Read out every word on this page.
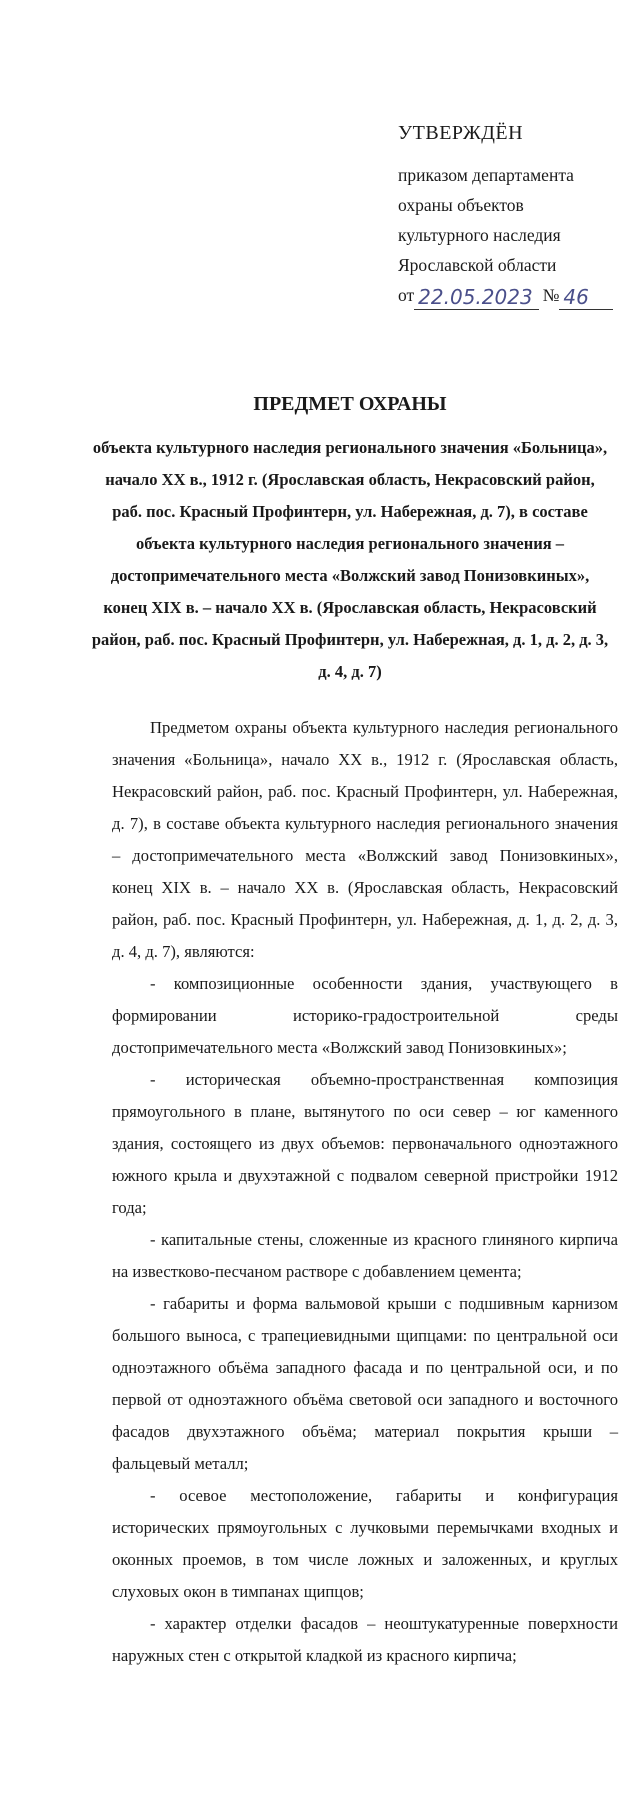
УТВЕРЖДЁН
приказом департамента
охраны объектов
культурного наследия
Ярославской области
от 22.05.2023 № 46
ПРЕДМЕТ ОХРАНЫ
объекта культурного наследия регионального значения «Больница», начало XX в., 1912 г. (Ярославская область, Некрасовский район, раб. пос. Красный Профинтерн, ул. Набережная, д. 7), в составе объекта культурного наследия регионального значения – достопримечательного места «Волжский завод Понизовкиных», конец XIX в. – начало XX в. (Ярославская область, Некрасовский район, раб. пос. Красный Профинтерн, ул. Набережная, д. 1, д. 2, д. 3, д. 4, д. 7)

Предметом охраны объекта культурного наследия регионального значения «Больница», начало XX в., 1912 г. (Ярославская область, Некрасовский район, раб. пос. Красный Профинтерн, ул. Набережная, д. 7), в составе объекта культурного наследия регионального значения – достопримечательного места «Волжский завод Понизовкиных», конец XIX в. – начало XX в. (Ярославская область, Некрасовский район, раб. пос. Красный Профинтерн, ул. Набережная, д. 1, д. 2, д. 3, д. 4, д. 7), являются:

- композиционные особенности здания, участвующего в формировании историко-градостроительной среды достопримечательного места «Волжский завод Понизовкиных»;

- историческая объемно-пространственная композиция прямоугольного в плане, вытянутого по оси север – юг каменного здания, состоящего из двух объемов: первоначального одноэтажного южного крыла и двухэтажной с подвалом северной пристройки 1912 года;

- капитальные стены, сложенные из красного глиняного кирпича на известково-песчаном растворе с добавлением цемента;

- габариты и форма вальмовой крыши с подшивным карнизом большого выноса, с трапециевидными щипцами: по центральной оси одноэтажного объёма западного фасада и по центральной оси, и по первой от одноэтажного объёма световой оси западного и восточного фасадов двухэтажного объёма; материал покрытия крыши – фальцевый металл;

- осевое местоположение, габариты и конфигурация исторических прямоугольных с лучковыми перемычками входных и оконных проемов, в том числе ложных и заложенных, и круглых слуховых окон в тимпанах щипцов;

- характер отделки фасадов – неоштукатуренные поверхности наружных стен с открытой кладкой из красного кирпича;
